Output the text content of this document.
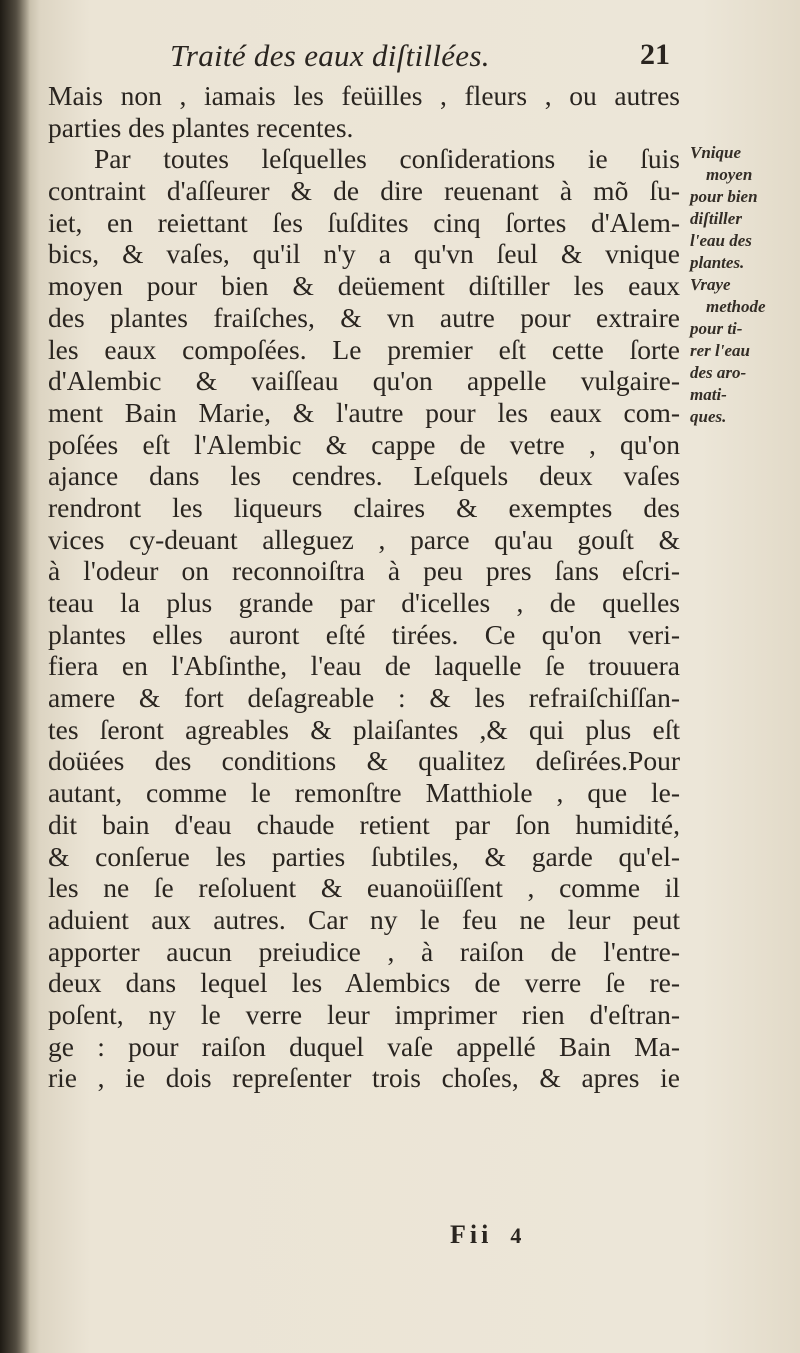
Traité des eaux diſtillées.	21
Mais non , iamais les feüilles , fleurs , ou autres
parties des plantes recentes.
Par toutes leſquelles conſiderations ie ſuis
contraint d'aſſeurer & de dire reuenant à mõ ſu-
iet, en reiettant ſes ſuſdites cinq ſortes d'Alem-
bics, & vaſes, qu'il n'y a qu'vn ſeul & vnique
moyen pour bien & deüement diſtiller les eaux
des plantes fraiſches, & vn autre pour extraire
les eaux compoſées. Le premier eſt cette ſorte
d'Alembic & vaiſſeau qu'on appelle vulgaire-
ment Bain Marie, & l'autre pour les eaux com-
poſées eſt l'Alembic & cappe de vetre , qu'on
ajance dans les cendres. Leſquels deux vaſes
rendront les liqueurs claires & exemptes des
vices cy-deuant alleguez , parce qu'au gouſt &
à l'odeur on reconnoiſtra à peu pres ſans eſcri-
teau la plus grande par d'icelles , de quelles
plantes elles auront eſté tirées. Ce qu'on veri-
fiera en l'Abſinthe, l'eau de laquelle ſe trouuera
amere & fort deſagreable : & les refraiſchiſſan-
tes ſeront agreables & plaiſantes ,& qui plus eſt
doüées des conditions & qualitez deſirées.Pour
autant, comme le remonſtre Matthiole , que le-
dit bain d'eau chaude retient par ſon humidité,
& conſerue les parties ſubtiles, & garde qu'el-
les ne ſe reſoluent & euanoüiſſent , comme il
aduient aux autres. Car ny le feu ne leur peut
apporter aucun preiudice , à raiſon de l'entre-
deux dans lequel les Alembics de verre ſe re-
poſent, ny le verre leur imprimer rien d'eſtran-
ge : pour raiſon duquel vaſe appellé Bain Ma-
rie , ie dois repreſenter trois choſes, & apres ie
Vnique
moyen
pour bien
diſtiller
l'eau des
plantes.
Vraye
methode
pour ti-
rer l'eau
des aro-
mati-
ques.
Fii 4
